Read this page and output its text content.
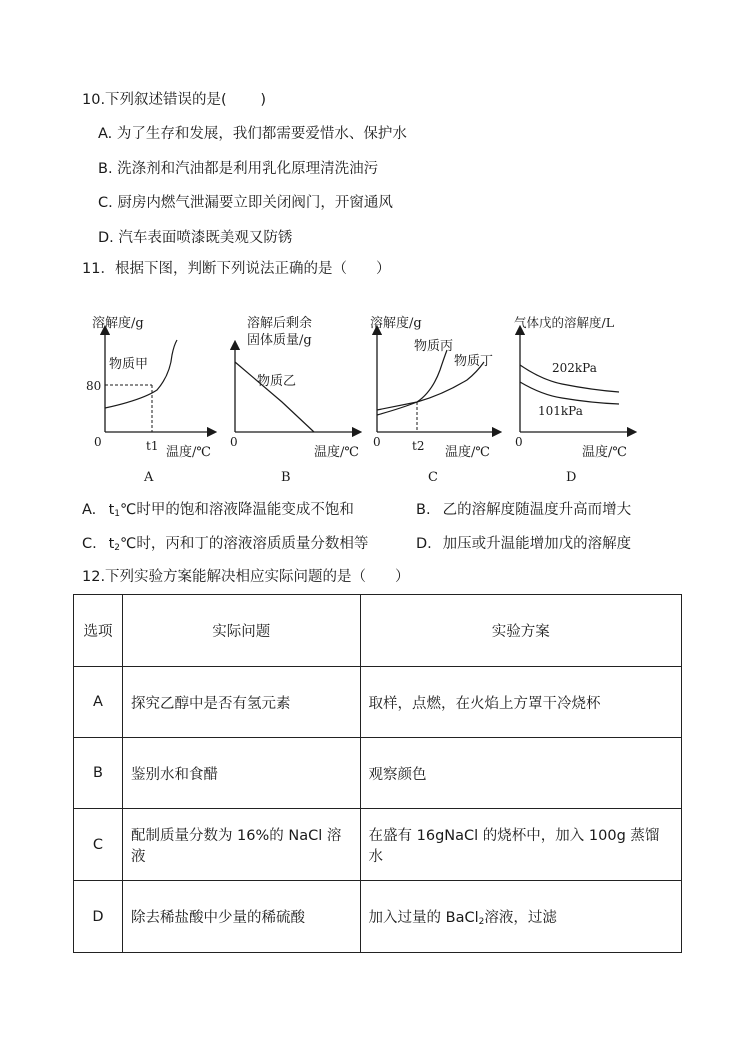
10.下列叙述错误的是(　　 )
A. 为了生存和发展，我们都需要爱惜水、保护水
B. 洗涤剂和汽油都是利用乳化原理清洗油污
C. 厨房内燃气泄漏要立即关闭阀门，开窗通风
D. 汽车表面喷漆既美观又防锈
11．根据下图，判断下列说法正确的是（　　）
溶解度/g
物质甲
80
t1 温度/℃
0
溶解后剩余
固体质量/g
物质乙
温度/℃
0
溶解度/g
物质丙
物质丁
t2 温度/℃
0
气体戊的溶解度/L
202kPa
101kPa
温度/℃
0
A	B	C	D
A. $t_1℃$时甲的饱和溶液降温能变成不饱和	B. 乙的溶解度随温度升高而增大
C. $t_2℃$时，丙和丁的溶液溶质质量分数相等	D. 加压或升温能增加戊的溶解度
12.下列实验方案能解决相应实际问题的是（　　）
选项	实际问题	实验方案
A	探究乙醇中是否有氢元素	取样，点燃，在火焰上方罩干冷烧杯
B	鉴别水和食醋	观察颜色
C	配制质量分数为 16%的 NaCl 溶液	在盛有 16gNaCl 的烧杯中，加入 100g 蒸馏水
D	除去稀盐酸中少量的稀硫酸	加入过量的 BaCl$_2$溶液，过滤
